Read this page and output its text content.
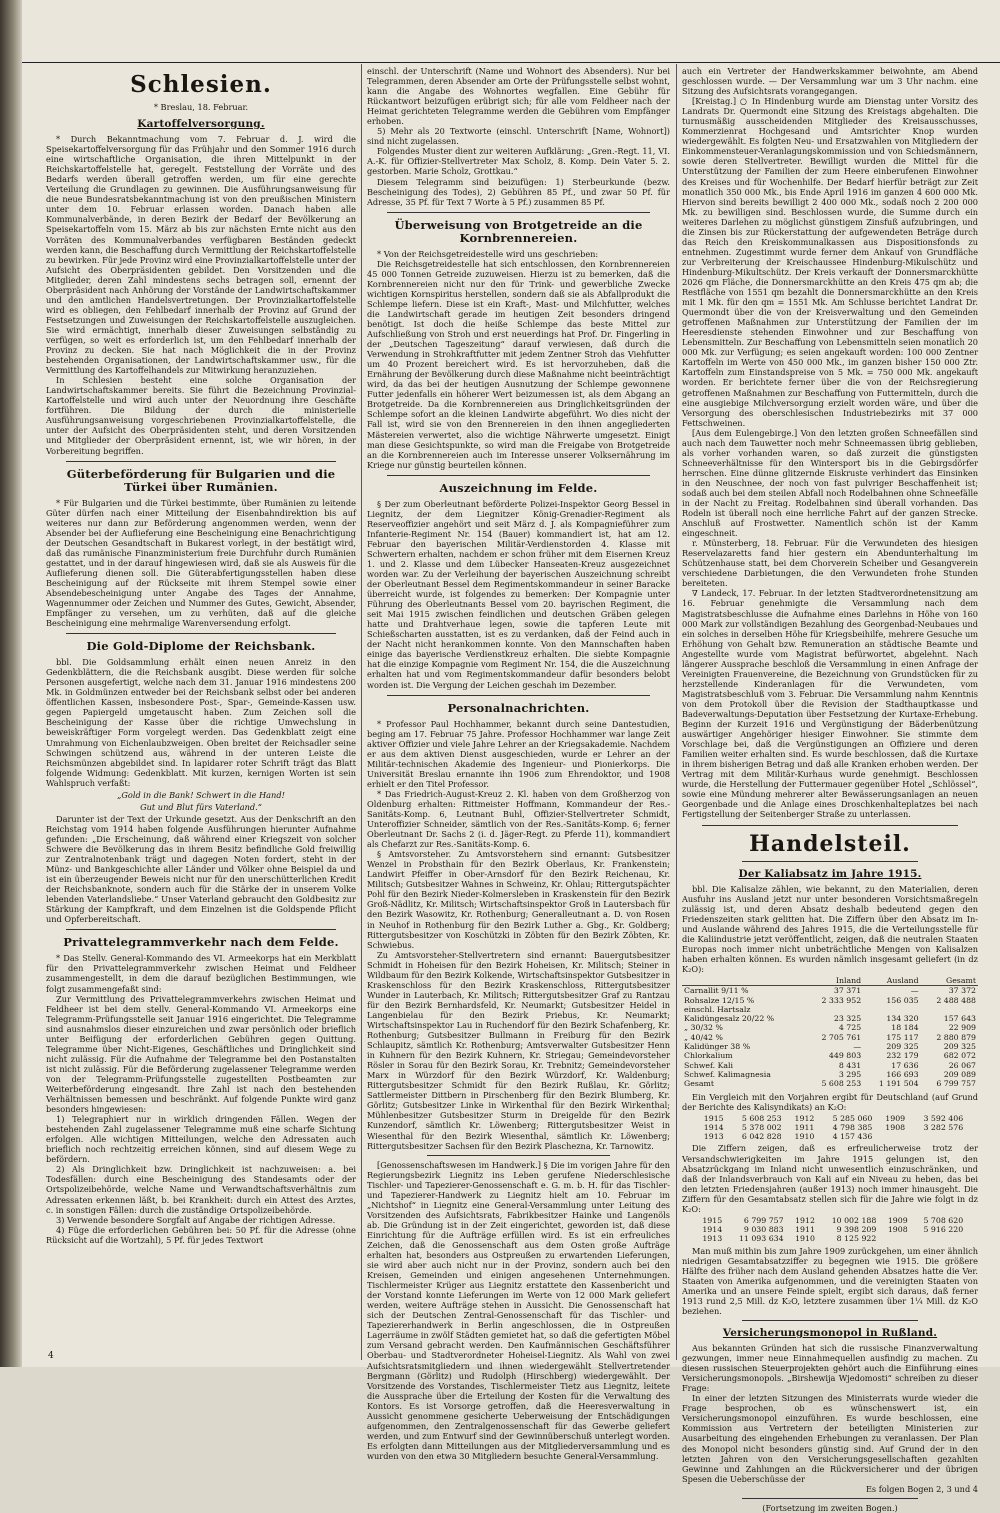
Schlesien.
* Breslau, 18. Februar.
Kartoffelversorgung.

* Durch Bekanntmachung vom 7. Februar d. J. wird die Speisekartoffelversorgung für das Frühjahr und den Sommer 1916 durch eine wirtschaftliche Organisation, die ihren Mittelpunkt in der Reichskartoffelstelle hat, geregelt. Feststellung der Vorräte und des Bedarfs werden überall getroffen werden, um für eine gerechte Verteilung die Grundlagen zu gewinnen. Die Ausführungsanweisung für die neue Bundesratsbekanntmachung ist von den preußischen Ministern unter dem 10. Februar erlassen worden. Danach haben alle Kommunalverbände, in deren Bezirk der Bedarf der Bevölkerung an Speisekartoffeln vom 15. März ab bis zur nächsten Ernte nicht aus den Vorräten des Kommunalverbandes verfügbaren Beständen gedeckt werden kann, die Beschaffung durch Vermittlung der Reichskartoffelstelle zu bewirken. Für jede Provinz wird eine Provinzialkartoffelstelle unter der Aufsicht des Oberpräsidenten gebildet. Den Vorsitzenden und die Mitglieder, deren Zahl mindestens sechs betragen soll, ernennt der Oberpräsident nach Anhörung der Vorstände der Landwirtschaftskammer und den amtlichen Handelsvertretungen. Der Provinzialkartoffelstelle wird es obliegen, den Fehlbedarf innerhalb der Provinz auf Grund der Festsetzungen und Zuweisungen der Reichskartoffelstelle auszugleichen. Sie wird ermächtigt, innerhalb dieser Zuweisungen selbständig zu verfügen, so weit es erforderlich ist, um den Fehlbedarf innerhalb der Provinz zu decken. Sie hat nach Möglichkeit die in der Provinz bestehenden Organisationen, der Landwirtschaftskammer usw., für die Vermittlung des Kartoffelhandels zur Mitwirkung heranzuziehen.

In Schlesien besteht eine solche Organisation der Landwirtschaftskammer bereits. Sie führt die Bezeichnung Provinzial-Kartoffelstelle und wird auch unter der Neuordnung ihre Geschäfte fortführen. Die Bildung der durch die ministerielle Ausführungsanweisung vorgeschriebenen Provinzialkartoffelstelle, die unter der Aufsicht des Oberpräsidenten steht, und deren Vorsitzenden und Mitglieder der Oberpräsident ernennt, ist, wie wir hören, in der Vorbereitung begriffen.

Güterbeförderung für Bulgarien und die Türkei über Rumänien.

* Für Bulgarien und die Türkei bestimmte, über Rumänien zu leitende Güter dürfen nach einer Mitteilung der Eisenbahndirektion bis auf weiteres nur dann zur Beförderung angenommen werden, wenn der Absender bei der Auflieferung eine Bescheinigung eine Benachrichtigung der Deutschen Gesandtschaft in Bukarest vorlegt, in der bestätigt wird, daß das rumänische Finanzministerium freie Durchfuhr durch Rumänien gestattet, und in der darauf hingewiesen wird, daß sie als Ausweis für die Auflieferung dienen soll. Die Güterabfertigungsstellen haben diese Bescheinigung auf der Rückseite mit ihrem Stempel sowie einer Absendebescheinigung unter Angabe des Tages der Annahme, Wagennummer oder Zeichen und Nummer des Gutes, Gewicht, Absender, Empfänger zu versehen, um zu verhüten, daß auf die gleiche Bescheinigung eine mehrmalige Warenversendung erfolgt.

Die Gold-Diplome der Reichsbank.

bbl. Die Goldsammlung erhält einen neuen Anreiz in den Gedenkblättern, die die Reichsbank ausgibt. Diese werden für solche Personen ausgefertigt, welche nach dem 31. Januar 1916 mindestens 200 Mk. in Goldmünzen entweder bei der Reichsbank selbst oder bei anderen öffentlichen Kassen, insbesondere Post-, Spar-, Gemeinde-Kassen usw. gegen Papiergeld umgetauscht haben. Zum Zeichen soll die Bescheinigung der Kasse über die richtige Umwechslung in beweiskräftiger Form vorgelegt werden. Das Gedenkblatt zeigt eine Umrahmung von Eichenlaubzweigen. Oben breitet der Reichsadler seine Schwingen schützend aus, während in der unteren Leiste die Reichsmünzen abgebildet sind. In lapidarer roter Schrift trägt das Blatt folgende Widmung: Gedenkblatt. Mit kurzen, kernigen Worten ist sein Wahlspruch verfaßt:

„Gold in die Bank! Schwert in die Hand!
Gut und Blut fürs Vaterland.“

Darunter ist der Text der Urkunde gesetzt. Aus der Denkschrift an den Reichstag vom 1914 haben folgende Ausführungen hierunter Aufnahme gefunden: „Die Erscheinung, daß während einer Kriegszeit von solcher Schwere die Bevölkerung das in ihrem Besitz befindliche Gold freiwillig zur Zentralnotenbank trägt und dagegen Noten fordert, steht in der Münz- und Bankgeschichte aller Länder und Völker ohne Beispiel da und ist ein überzeugender Beweis nicht nur für den unerschütterlichen Kredit der Reichsbanknote, sondern auch für die Stärke der in unserem Volke lebenden Vaterlandsliebe.“ Unser Vaterland gebraucht den Goldbesitz zur Stärkung der Kampfkraft, und dem Einzelnen ist die Goldspende Pflicht und Opferbereitschaft.

Privattelegrammverkehr nach dem Felde.

* Das Stellv. General-Kommando des VI. Armeekorps hat ein Merkblatt für den Privattelegrammverkehr zwischen Heimat und Feldheer zusammengestellt, in dem die darauf bezüglichen Bestimmungen, wie folgt zusammengefaßt sind:

Zur Vermittlung des Privattelegrammverkehrs zwischen Heimat und Feldheer ist bei dem stellv. General-Kommando VI. Armeekorps eine Telegramm-Prüfungsstelle seit Januar 1916 eingerichtet. Die Telegramme sind ausnahmslos dieser einzureichen und zwar persönlich oder brieflich unter Beifügung der erforderlichen Gebühren gegen Quittung. Telegramme über Nicht-Eigenes, Geschäftliches und Dringlichkeit sind nicht zulässig. Für die Aufnahme der Telegramme bei den Postanstalten ist nicht zulässig. Für die Beförderung zugelassener Telegramme werden von der Telegramm-Prüfungsstelle zugestellten Postbeamten zur Weiterbeförderung eingesandt. Ihre Zahl ist nach den bestehenden Verhältnissen bemessen und beschränkt. Auf folgende Punkte wird ganz besonders hingewiesen:

1) Telegraphiert nur in wirklich dringenden Fällen. Wegen der bestehenden Zahl zugelassener Telegramme muß eine scharfe Sichtung erfolgen. Alle wichtigen Mitteilungen, welche den Adressaten auch brieflich noch rechtzeitig erreichen können, sind auf diesem Wege zu befördern.

2) Als Dringlichkeit bzw. Dringlichkeit ist nachzuweisen: a. bei Todesfällen: durch eine Bescheinigung des Standesamts oder der Ortspolizeibehörde, welche Name und Verwandtschaftsverhältnis zum Adressaten erkennen läßt, b. bei Krankheit: durch ein Attest des Arztes, c. in sonstigen Fällen: durch die zuständige Ortspolizeibehörde.

3) Verwende besondere Sorgfalt auf Angabe der richtigen Adresse.

4) Füge die erforderlichen Gebühren bei: 50 Pf. für die Adresse (ohne Rücksicht auf die Wortzahl), 5 Pf. für jedes Textwort

einschl. der Unterschrift (Name und Wohnort des Absenders). Nur bei Telegrammen, deren Absender am Orte der Prüfungsstelle selbst wohnt, kann die Angabe des Wohnortes wegfallen. Eine Gebühr für Rückantwort beizufügen erübrigt sich; für alle vom Feldheer nach der Heimat gerichteten Telegramme werden die Gebühren vom Empfänger erhoben.

5) Mehr als 20 Textworte (einschl. Unterschrift [Name, Wohnort]) sind nicht zugelassen.

Folgendes Muster dient zur weiteren Aufklärung: „Gren.-Regt. 11, VI. A.-K. für Offizier-Stellvertreter Max Scholz, 8. Komp. Dein Vater 5. 2. gestorben. Marie Scholz, Grottkau.“

Diesem Telegramm sind beizufügen: 1) Sterbeurkunde (bezw. Bescheinigung des Todes), 2) Gebühren 85 Pf., und zwar 50 Pf. für Adresse, 35 Pf. für Text 7 Worte à 5 Pf.) zusammen 85 Pf.

Überweisung von Brotgetreide an die Kornbrennereien.

* Von der Reichsgetreidestelle wird uns geschrieben:

Die Reichsgetreidestelle hat sich entschlossen, den Kornbrennereien 45 000 Tonnen Getreide zuzuweisen. Hierzu ist zu bemerken, daß die Kornbrennereien nicht nur den für Trink- und gewerbliche Zwecke wichtigen Kornspiritus herstellen, sondern daß sie als Abfallprodukt die Schlempe liefern. Diese ist ein Kraft-, Mast- und Milchfutter, welches die Landwirtschaft gerade im heutigen Zeit besonders dringend benötigt. Ist doch die heiße Schlempe das beste Mittel zur Aufschließung von Stroh und erst neuerdings hat Prof. Dr. Fingerling in der „Deutschen Tageszeitung“ darauf verwiesen, daß durch die Verwendung in Strohkraftfutter mit jedem Zentner Stroh das Viehfutter um 40 Prozent bereichert wird. Es ist hervorzuheben, daß die Ernährung der Bevölkerung durch diese Maßnahme nicht beeinträchtigt wird, da das bei der heutigen Ausnutzung der Schlempe gewonnene Futter jedenfalls ein höherer Wert beizumessen ist, als dem Abgang an Brotgetreide. Da die Kornbrennereien aus Dringlichkeitsgründen der Schlempe sofort an die kleinen Landwirte abgeführt. Wo dies nicht der Fall ist, wird sie von den Brennereien in den ihnen angegliederten Mästereien verwertet, also die wichtige Nährwerte umgesetzt. Einigt man diese Gesichtspunkte, so wird man die Freigabe von Brotgetreide an die Kornbrennereien auch im Interesse unserer Volksernährung im Kriege nur günstig beurteilen können.

Auszeichnung im Felde.

§ Der zum Oberleutnant beförderte Polizei-Inspektor Georg Bessel in Liegnitz, der dem Liegnitzer König-Grenadier-Regiment als Reserveoffizier angehört und seit März d. J. als Kompagnieführer zum Infanterie-Regiment Nr. 154 (Bauer) kommandiert ist, hat am 12. Februar den bayerischen Militär-Verdienstorden 4. Klasse mit Schwertern erhalten, nachdem er schon früher mit dem Eisernen Kreuz 1. und 2. Klasse und dem Lübecker Hanseaten-Kreuz ausgezeichnet worden war. Zu der Verleihung der bayerischen Auszeichnung schreibt der Oberleutnant Bessel dem Regimentskommandeur in seiner Baracke überreicht wurde, ist folgendes zu bemerken: Der Kompagnie unter Führung des Oberleutnants Bessel vom 20. bayrischen Regiment, die seit Mai 1915 zwischen feindlichen und deutschen Gräben gelegen hatte und Drahtverhaue legen, sowie die tapferen Leute mit Schießscharten ausstatten, ist es zu verdanken, daß der Feind auch in der Nacht nicht herankommen konnte. Von den Mannschaften haben einige das bayerische Verdienstkreuz erhalten. Die siebte Kompagnie hat die einzige Kompagnie vom Regiment Nr. 154, die die Auszeichnung erhalten hat und vom Regimentskommandeur dafür besonders belobt worden ist. Die Vergung der Leichen geschah im Dezember.

Personalnachrichten.

* Professor Paul Hochhammer, bekannt durch seine Dantestudien, beging am 17. Februar 75 Jahre. Professor Hochhammer war lange Zeit aktiver Offizier und viele Jahre Lehrer an der Kriegsakademie. Nachdem er aus dem aktiven Dienst ausgeschieden, wurde er Lehrer an der Militär-technischen Akademie des Ingenieur- und Pionierkorps. Die Universität Breslau ernannte ihn 1906 zum Ehrendoktor, und 1908 erhielt er den Titel Professor.

* Das Friedrich-August-Kreuz 2. Kl. haben von dem Großherzog von Oldenburg erhalten: Rittmeister Hoffmann, Kommandeur der Res.-Sanitäts-Komp. 6, Leutnant Buhl, Offizier-Stellvertreter Schmidt, Unteroffizier Schneider, sämtlich von der Res.-Sanitäts-Komp. 6; ferner Oberleutnant Dr. Sachs 2 (i. d. Jäger-Regt. zu Pferde 11), kommandiert als Chefarzt zur Res.-Sanitäts-Komp. 6.

§ Amtsvorsteher. Zu Amtsvorstehern sind ernannt: Gutsbesitzer Wenzel in Probsthain für den Bezirk Oberlaus, Kr. Frankenstein; Landwirt Pfeiffer in Ober-Arnsdorf für den Bezirk Reichenau, Kr. Militsch; Gutsbesitzer Wahnes in Schweinz, Kr. Ohlau; Rittergutspächter Pohl für den Bezirk Nieder-Kolmersleben in Kraskenstein für den Bezirk Groß-Nädlitz, Kr. Militsch; Wirtschaftsinspektor Groß in Lautersbach für den Bezirk Wasowitz, Kr. Rothenburg; Generalleutnant a. D. von Rosen in Neuhof in Rothenburg für den Bezirk Luther a. Gbg., Kr. Goldberg; Rittergutsbesitzer von Koschützki in Zöbten für den Bezirk Zöbten, Kr. Schwiebus.

Zu Amtsvorsteher-Stellvertretern sind ernannt: Bauergutsbesitzer Schmidt in Hoheisen für den Bezirk Hoheisen, Kr. Militsch; Steiner in Wildbaum für den Bezirk Kolkende, Wirtschaftsinspektor Gutsbesitzer in Kraskenschloss für den Bezirk Kraskenschloss, Rittergutsbesitzer Wunder in Lauterbach, Kr. Militsch; Rittergutsbesitzer Graf zu Rantzau für den Bezirk Bernhardsfeld, Kr. Neumarkt; Gutsbesitzer Heidel in Langenbielau für den Bezirk Priebus, Kr. Neumarkt; Wirtschaftsinspektor Lau in Ruchendorf für den Bezirk Schafenberg, Kr. Rothenburg; Gutsbesitzer Bullmann in Freiburg für den Bezirk Schlaupitz, sämtlich Kr. Rothenburg; Amtsverwalter Gutsbesitzer Henn in Kuhnern für den Bezirk Kuhnern, Kr. Striegau; Gemeindevorsteher Rösler in Sorau für den Bezirk Sorau, Kr. Trebnitz; Gemeindevorsteher Marx in Würzdorf für den Bezirk Würzdorf, Kr. Waldenburg; Rittergutsbesitzer Schmidt für den Bezirk Rußlau, Kr. Görlitz; Sattlermeister Dittbern in Pirschenberg für den Bezirk Blumberg, Kr. Görlitz; Gutsbesitzer Linke in Wirkenthal für den Bezirk Wirkenthal; Mühlenbesitzer Gutsbesitzer Sturm in Dreigelde für den Bezirk Kunzendorf, sämtlich Kr. Löwenberg; Rittergutsbesitzer Weist in Wiesenthal für den Bezirk Wiesenthal, sämtlich Kr. Löwenberg; Rittergutsbesitzer Sachsen für den Bezirk Plaschezna, Kr. Tarnowitz.

[Genossenschaftswesen im Handwerk.] § Die im vorigen Jahre für den Regierungsbezirk Liegnitz ins Leben gerufene Niederschlesische Tischler- und Tapezierer-Genossenschaft e. G. m. b. H. für das Tischler- und Tapezierer-Handwerk zu Liegnitz hielt am 10. Februar im „Nichtshof“ in Liegnitz eine General-Versammlung unter Leitung des Vorsitzenden des Aufsichtsrats, Fabrikbesitzer Hainke und Langenöls ab. Die Gründung ist in der Zeit eingerichtet, geworden ist, daß diese Einrichtung für die Aufträge erfüllen wird. Es ist ein erfreuliches Zeichen, daß die Genossenschaft aus dem Osten große Aufträge erhalten hat, besonders aus Ostpreußen zu erwartenden Lieferungen, sie wird aber auch nicht nur in der Provinz, sondern auch bei den Kreisen, Gemeinden und einigen angesehenen Unternehmungen. Tischlermeister Krüger aus Liegnitz erstattete den Kassenbericht und der Vorstand konnte Lieferungen im Werte von 12 000 Mark geliefert werden, weitere Aufträge stehen in Aussicht. Die Genossenschaft hat sich der Deutschen Zentral-Genossenschaft für das Tischler- und Tapeziererhandwerk in Berlin angeschlossen, die in Ostpreußen Lagerräume in zwölf Städten gemietet hat, so daß die gefertigten Möbel zum Versand gebracht werden. Den Kaufmännischen Geschäftsführer Oberbau- und Stadtverordneter Hoheisel-Liegnitz. Als Wahl von zwei Aufsichtsratsmitgliedern und ihnen wiedergewählt Stellvertretender Bergmann (Görlitz) und Rudolph (Hirschberg) wiedergewählt. Der Vorsitzende des Vorstandes, Tischlermeister Tietz aus Liegnitz, leitete die Aussprache über die Erteilung der Kosten für die Verwaltung des Kontors. Es ist Vorsorge getroffen, daß die Heeresverwaltung in Aussicht genommene gesicherte Ueberweisung der Entschädigungen aufgenommen, den Zentralgenossenschaft für das Gewerbe geliefert werden, und zum Entwurf sind der Gewinnüberschuß unterlegt worden. Es erfolgten dann Mitteilungen aus der Mitgliederversammlung und es wurden von den etwa 30 Mitgliedern besuchte General-Versammlung.

auch ein Vertreter der Handwerkskammer beiwohnte, am Abend geschlossen wurde. — Der Versammlung war um 3 Uhr nachm. eine Sitzung des Aufsichtsrats vorangegangen.

[Kreistag.] ○ In Hindenburg wurde am Dienstag unter Vorsitz des Landrats Dr. Quermondt eine Sitzung des Kreistags abgehalten. Die turnusmäßig ausscheidenden Mitglieder des Kreisausschusses, Kommerzienrat Hochgesand und Amtsrichter Knop wurden wiedergewählt. Es folgten Neu- und Ersatzwahlen von Mitgliedern der Einkommensteuer-Veranlagungskommission und von Schiedsmännern, sowie deren Stellvertreter. Bewilligt wurden die Mittel für die Unterstützung der Familien der zum Heere einberufenen Einwohner des Kreises und für Wochenhilfe. Der Bedarf hierfür beträgt zur Zeit monatlich 350 000 Mk., bis Ende April 1916 im ganzen 4 600 000 Mk. Hiervon sind bereits bewilligt 2 400 000 Mk., sodaß noch 2 200 000 Mk. zu bewilligen sind. Beschlossen wurde, die Summe durch ein weiteres Darlehen zu möglichst günstigem Zinsfuß aufzubringen, und die Zinsen bis zur Rückerstattung der aufgewendeten Beträge durch das Reich den Kreiskommunalkassen aus Dispositionsfonds zu entnehmen. Zugestimmt wurde ferner dem Ankauf von Grundfläche zur Verbreiterung der Kreischaussee Hindenburg-Mikulschütz und Hindenburg-Mikultschütz. Der Kreis verkauft der Donnersmarckhütte 2026 qm Fläche, die Donnersmarckhütte an den Kreis 475 qm ab; die Restfläche von 1551 qm bezahlt die Donnersmarckhütte an den Kreis mit 1 Mk. für den qm = 1551 Mk. Am Schlusse berichtet Landrat Dr. Quermondt über die von der Kreisverwaltung und den Gemeinden getroffenen Maßnahmen zur Unterstützung der Familien der im Heeresdienste stehenden Einwohner und zur Beschaffung von Lebensmitteln. Zur Beschaffung von Lebensmitteln seien monatlich 20 000 Mk. zur Verfügung; es seien angekauft worden: 100 000 Zentner Kartoffeln im Werte von 450 000 Mk., im ganzen bisher 150 000 Ztr. Kartoffeln zum Einstandspreise von 5 Mk. = 750 000 Mk. angekauft worden. Er berichtete ferner über die von der Reichsregierung getroffenen Maßnahmen zur Beschaffung von Futtermitteln, durch die eine ausgiebige Milchversorgung erzielt worden wäre, und über die Versorgung des oberschlesischen Industriebezirks mit 37 000 Fettschweinen.

[Aus dem Eulengebirge.] Von den letzten großen Schneefällen sind auch nach dem Tauwetter noch mehr Schneemassen übrig geblieben, als vorher vorhanden waren, so daß zurzeit die günstigsten Schneeverhältnisse für den Wintersport bis in die Gebirgsdörfer herrschen. Eine dünne glitzernde Eiskruste verhindert das Einsinken in den Neuschnee, der noch von fast pulvriger Beschaffenheit ist; sodaß auch bei dem steilen Abfall noch Rodelbahnen ohne Schneefälle in der Nacht zu Freitag. Rodelbahnen sind überall vorhanden. Das Rodeln ist überall noch eine herrliche Fahrt auf der ganzen Strecke. Anschluß auf Frostwetter. Namentlich schön ist der Kamm eingeschneit.

r. Münsterberg, 18. Februar. Für die Verwundeten des hiesigen Reservelazaretts fand hier gestern ein Abendunterhaltung im Schützenhause statt, bei dem Chorverein Scheiber und Gesangverein verschiedene Darbietungen, die den Verwundeten frohe Stunden bereiteten.

∇ Landeck, 17. Februar. In der letzten Stadtverordnetensitzung am 16. Februar genehmigte die Versammlung nach dem Magistratsbeschlusse die Aufnahme eines Darlehns in Höhe von 160 000 Mark zur vollständigen Bezahlung des Georgenbad-Neubaues und ein solches in derselben Höhe für Kriegsbeihilfe, mehrere Gesuche um Erhöhung von Gehalt bzw. Remuneration an städtische Beamte und Angestellte wurde vom Magistrat befürwortet, abgelehnt. Nach längerer Aussprache beschloß die Versammlung in einen Anfrage der Vereinigten Frauenvereine, die Bezeichnung von Grundstücken für zu herzstellende Kinderanlagen für die Verwundeten, vom Magistratsbeschluß vom 3. Februar. Die Versammlung nahm Kenntnis von dem Protokoll über die Revision der Stadthauptkasse und Badeverwaltungs-Deputation über Festsetzung der Kurtaxe-Erhebung. Beginn der Kurzeit 1916 und Vergünstigung der Bäderbenützung auswärtiger Angehöriger hiesiger Einwohner. Sie stimmte dem Vorschlage bei, daß die Vergünstigungen an Offiziere und deren Familien weiter erhalten sind. Es wurde beschlossen, daß die Kurtaxe in ihrem bisherigen Betrag und daß alle Kranken erhoben werden. Der Vertrag mit dem Militär-Kurhaus wurde genehmigt. Beschlossen wurde, die Herstellung der Futtermauer gegenüber Hotel „Schlössel“, sowie eine Mündung mehrerer alter Bewässerungsanlagen an neuen Georgenbade und die Anlage eines Droschkenhalteplatzes bei nach Fertigstellung der Seitenberger Straße zu unterlassen.

Handelsteil.
Der Kaliabsatz im Jahre 1915.

bbl. Die Kalisalze zählen, wie bekannt, zu den Materialien, deren Ausfuhr ins Ausland jetzt nur unter besonderen Vorsichtsmaßregeln zulässig ist, und deren Absatz deshalb bedeutend gegen den Friedenszeiten stark gelitten hat. Die Ziffern über den Absatz im In- und Auslande während des Jahres 1915, die die Verteilungsstelle für die Kaliindustrie jetzt veröffentlicht, zeigen, daß die neutralen Staaten Europas noch immer nicht unbeträchtliche Mengen von Kalisalzen haben erhalten können. Es wurden nämlich insgesamt geliefert (in dz K₂O):

	Inland	Ausland	Gesamt
Carnallit 9/11 %	37 371	—	37 372
Rohsalze 12/15 %	2 333 952	156 035	2 488 488
einschl. Hartsalz			
Kalidüngesalz 20/22 %	23 325	134 320	157 643
„ 30/32 %	4 725	18 184	22 909
„ 40/42 %	2 705 761	175 117	2 880 879
Kalidünger 38 %	—	209 325	209 325
Chlorkalium	449 803	232 179	682 072
Schwef. Kali	8 431	17 636	26 067
Schwef. Kalimagnesia	3 295	166 693	209 089
Gesamt	5 608 253	1 191 504	6 799 757

Ein Vergleich mit den Vorjahren ergibt für Deutschland (auf Grund der Berichte des Kalisyndikats) an K₂O:

1915	5 608 253	1912	5 285 060	1909	3 592 406
1914	5 378 002	1911	4 798 385	1908	3 282 576
1913	6 042 828	1910	4 157 436		

Die Ziffern zeigen, daß es erfreulicherweise trotz der Versandschwierigkeiten im Jahre 1915 gelungen ist, den Absatzrückgang im Inland nicht unwesentlich einzuschränken, und daß der Inlandsverbrauch von Kali auf ein Niveau zu heben, das bei den letzten Friedensjahren (außer 1913) noch immer hinausgeht. Die Ziffern für den Gesamtabsatz stellen sich für die Jahre wie folgt in dz K₂O:

1915	6 799 757	1912	10 002 188	1909	5 708 620
1914	9 030 883	1911	9 398 209	1908	5 916 220
1913	11 093 634	1910	8 125 922		

Man muß mithin bis zum Jahre 1909 zurückgehen, um einer ähnlich niedrigen Gesamtabsatzziffer zu begegnen wie 1915. Die größere Hälfte des früher nach dem Ausland gehenden Absatzes hatte die Ver. Staaten von Amerika aufgenommen, und die vereinigten Staaten von Amerika und an unsere Feinde spielt, ergibt sich daraus, daß ferner 1913 rund 2,5 Mill. dz K₂O, letztere zusammen über 1¼ Mill. dz K₂O beziehen.

Versicherungsmonopol in Rußland.

Aus bekannten Gründen hat sich die russische Finanzverwaltung gezwungen, immer neue Einnahmequellen ausfindig zu machen. Zu diesen russischen Steuerprojekten gehört auch die Einführung eines Versicherungsmonopols. „Birshewija Wjedomosti“ schreiben zu dieser Frage:

In einer der letzten Sitzungen des Ministerrats wurde wieder die Frage besprochen, ob es wünschenswert ist, ein Versicherungsmonopol einzuführen. Es wurde beschlossen, eine Kommission aus Vertretern der beteiligten Ministerien zur Ausarbeitung des eingehenden Erhebungen zu veranlassen. Der Plan des Monopol nicht besonders günstig sind. Auf Grund der in den letzten Jahren von den Versicherungsgesellschaften gezahlten Gewinne und Zahlungen an die Rückversicherer und der übrigen Spesen die Ueberschüsse der

Es folgen Bogen 2, 3 und 4
(Fortsetzung im zweiten Bogen.)
4
